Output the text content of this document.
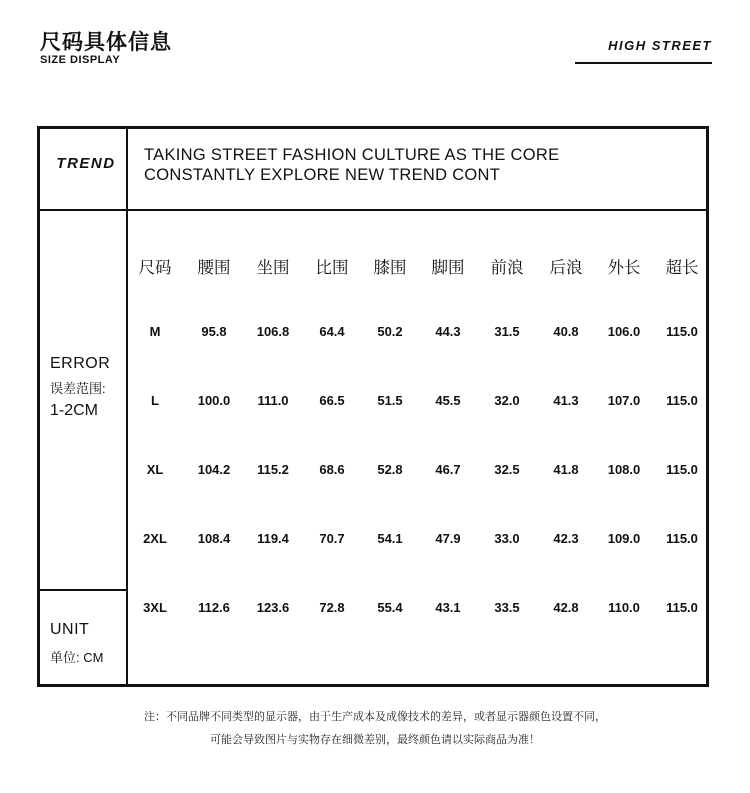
尺码具体信息
SIZE DISPLAY
HIGH STREET
TREND	TAKING STREET FASHION CULTURE AS THE CORE
CONSTANTLY EXPLORE NEW TREND CONT
ERROR
误差范围:
1-2CM
UNIT
单位: CM
尺码	腰围	坐围	比围	膝围	脚围	前浪	后浪	外长	超长
M	95.8	106.8	64.4	50.2	44.3	31.5	40.8	106.0	115.0
L	100.0	111.0	66.5	51.5	45.5	32.0	41.3	107.0	115.0
XL	104.2	115.2	68.6	52.8	46.7	32.5	41.8	108.0	115.0
2XL	108.4	119.4	70.7	54.1	47.9	33.0	42.3	109.0	115.0
3XL	112.6	123.6	72.8	55.4	43.1	33.5	42.8	110.0	115.0
注：不同品牌不同类型的显示器，由于生产成本及成像技术的差异，或者显示器颜色设置不同，
可能会导致图片与实物存在细微差别，最终颜色请以实际商品为准！
